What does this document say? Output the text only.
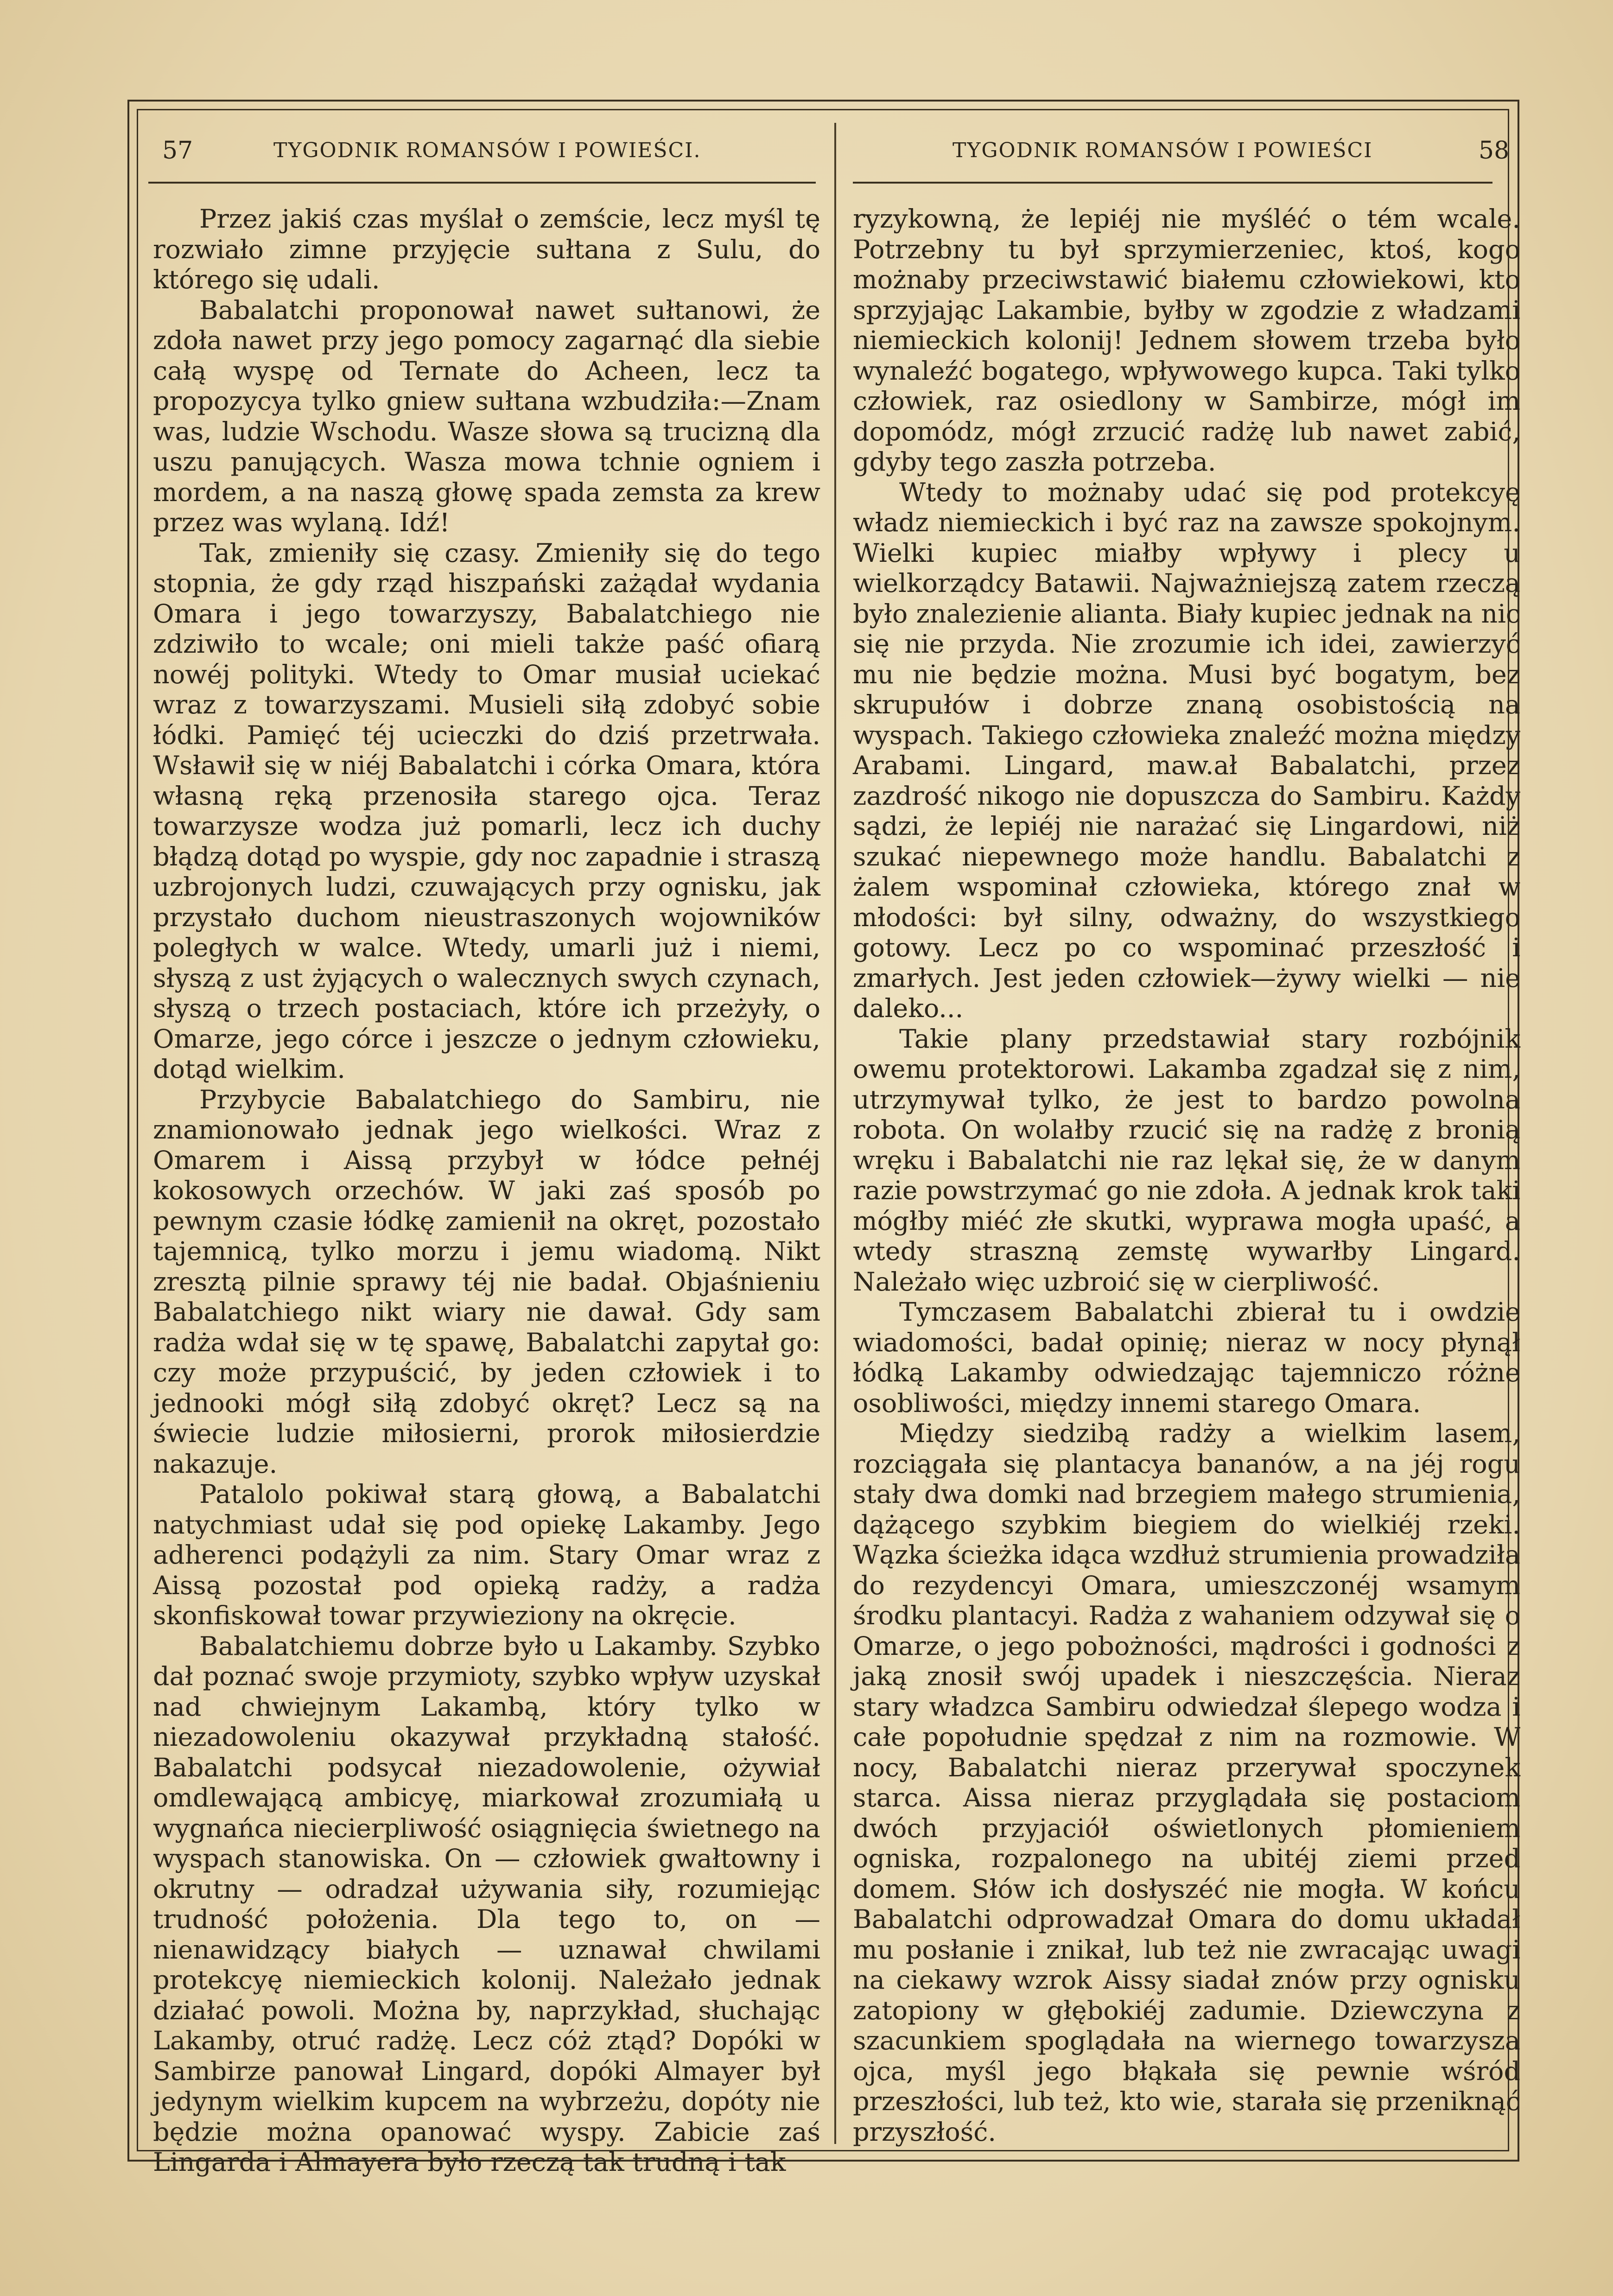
57	TYGODNIK ROMANSÓW I POWIEŚCI.	TYGODNIK ROMANSÓW I POWIEŚCI	58

Przez jakiś czas myślał o zemście, lecz myśl tę rozwiało zimne przyjęcie sułtana z Sulu, do którego się udali.

Babalatchi proponował nawet sułtanowi, że zdoła nawet przy jego pomocy zagarnąć dla siebie całą wyspę od Ternate do Acheen, lecz ta propozycya tylko gniew sułtana wzbudziła:—Znam was, ludzie Wschodu. Wasze słowa są trucizną dla uszu panujących. Wasza mowa tchnie ogniem i mordem, a na naszą głowę spada zemsta za krew przez was wylaną. Idź!

Tak, zmieniły się czasy. Zmieniły się do tego stopnia, że gdy rząd hiszpański zażądał wydania Omara i jego towarzyszy, Babalatchiego nie zdziwiło to wcale; oni mieli także paść ofiarą nowéj polityki. Wtedy to Omar musiał uciekać wraz z towarzyszami. Musieli siłą zdobyć sobie łódki. Pamięć téj ucieczki do dziś przetrwała. Wsławił się w niéj Babalatchi i córka Omara, która własną ręką przenosiła starego ojca. Teraz towarzysze wodza już pomarli, lecz ich duchy błądzą dotąd po wyspie, gdy noc zapadnie i straszą uzbrojonych ludzi, czuwających przy ognisku, jak przystało duchom nieustraszonych wojowników poległych w walce. Wtedy, umarli już i niemi, słyszą z ust żyjących o walecznych swych czynach, słyszą o trzech postaciach, które ich przeżyły, o Omarze, jego córce i jeszcze o jednym człowieku, dotąd wielkim.

Przybycie Babalatchiego do Sambiru, nie znamionowało jednak jego wielkości. Wraz z Omarem i Aissą przybył w łódce pełnéj kokosowych orzechów. W jaki zaś sposób po pewnym czasie łódkę zamienił na okręt, pozostało tajemnicą, tylko morzu i jemu wiadomą. Nikt zresztą pilnie sprawy téj nie badał. Objaśnieniu Babalatchiego nikt wiary nie dawał. Gdy sam radża wdał się w tę spawę, Babalatchi zapytał go: czy może przypuścić, by jeden człowiek i to jednooki mógł siłą zdobyć okręt? Lecz są na świecie ludzie miłosierni, prorok miłosierdzie nakazuje.

Patalolo pokiwał starą głową, a Babalatchi natychmiast udał się pod opiekę Lakamby. Jego adherenci podążyli za nim. Stary Omar wraz z Aissą pozostał pod opieką radży, a radża skonfiskował towar przywieziony na okręcie.

Babalatchiemu dobrze było u Lakamby. Szybko dał poznać swoje przymioty, szybko wpływ uzyskał nad chwiejnym Lakambą, który tylko w niezadowoleniu okazywał przykładną stałość. Babalatchi podsycał niezadowolenie, ożywiał omdlewającą ambicyę, miarkował zrozumiałą u wygnańca niecierpliwość osiągnięcia świetnego na wyspach stanowiska. On — człowiek gwałtowny i okrutny — odradzał używania siły, rozumiejąc trudność położenia. Dla tego to, on — nienawidzący białych — uznawał chwilami protekcyę niemieckich kolonij. Należało jednak działać powoli. Można by, naprzykład, słuchając Lakamby, otruć radżę. Lecz cóż ztąd? Dopóki w Sambirze panował Lingard, dopóki Almayer był jedynym wielkim kupcem na wybrzeżu, dopóty nie będzie można opanować wyspy. Zabicie zaś Lingarda i Almayera było rzeczą tak trudną i tak

ryzykowną, że lepiéj nie myśléć o tém wcale. Potrzebny tu był sprzymierzeniec, ktoś, kogo możnaby przeciwstawić białemu człowiekowi, kto sprzyjając Lakambie, byłby w zgodzie z władzami niemieckich kolonij! Jednem słowem trzeba było wynaleźć bogatego, wpływowego kupca. Taki tylko człowiek, raz osiedlony w Sambirze, mógł im dopomódz, mógł zrzucić radżę lub nawet zabić, gdyby tego zaszła potrzeba.

Wtedy to możnaby udać się pod protekcyę władz niemieckich i być raz na zawsze spokojnym. Wielki kupiec miałby wpływy i plecy u wielkorządcy Batawii. Najważniejszą zatem rzeczą było znalezienie alianta. Biały kupiec jednak na nic się nie przyda. Nie zrozumie ich idei, zawierzyć mu nie będzie można. Musi być bogatym, bez skrupułów i dobrze znaną osobistością na wyspach. Takiego człowieka znaleźć można między Arabami. Lingard, maw.ał Babalatchi, przez zazdrość nikogo nie dopuszcza do Sambiru. Każdy sądzi, że lepiéj nie narażać się Lingardowi, niż szukać niepewnego może handlu. Babalatchi z żalem wspominał człowieka, którego znał w młodości: był silny, odważny, do wszystkiego gotowy. Lecz po co wspominać przeszłość i zmarłych. Jest jeden człowiek—żywy wielki — nie daleko...

Takie plany przedstawiał stary rozbójnik owemu protektorowi. Lakamba zgadzał się z nim, utrzymywał tylko, że jest to bardzo powolna robota. On wolałby rzucić się na radżę z bronią wręku i Babalatchi nie raz lękał się, że w danym razie powstrzymać go nie zdoła. A jednak krok taki mógłby miéć złe skutki, wyprawa mogła upaść, a wtedy straszną zemstę wywarłby Lingard. Należało więc uzbroić się w cierpliwość.

Tymczasem Babalatchi zbierał tu i owdzie wiadomości, badał opinię; nieraz w nocy płynął łódką Lakamby odwiedzając tajemniczo różne osobliwości, między innemi starego Omara.

Między siedzibą radży a wielkim lasem, rozciągała się plantacya bananów, a na jéj rogu stały dwa domki nad brzegiem małego strumienia, dążącego szybkim biegiem do wielkiéj rzeki. Wązka ścieżka idąca wzdłuż strumienia prowadziła do rezydencyi Omara, umieszczonéj wsamym środku plantacyi. Radża z wahaniem odzywał się o Omarze, o jego pobożności, mądrości i godności z jaką znosił swój upadek i nieszczęścia. Nieraz stary władzca Sambiru odwiedzał ślepego wodza i całe popołudnie spędzał z nim na rozmowie. W nocy, Babalatchi nieraz przerywał spoczynek starca. Aissa nieraz przyglądała się postaciom dwóch przyjaciół oświetlonych płomieniem ogniska, rozpalonego na ubitéj ziemi przed domem. Słów ich dosłyszéć nie mogła. W końcu Babalatchi odprowadzał Omara do domu układał mu posłanie i znikał, lub też nie zwracając uwagi na ciekawy wzrok Aissy siadał znów przy ognisku zatopiony w głębokiéj zadumie. Dziewczyna z szacunkiem spoglądała na wiernego towarzysza ojca, myśl jego błąkała się pewnie wśród przeszłości, lub też, kto wie, starała się przeniknąć przyszłość.
